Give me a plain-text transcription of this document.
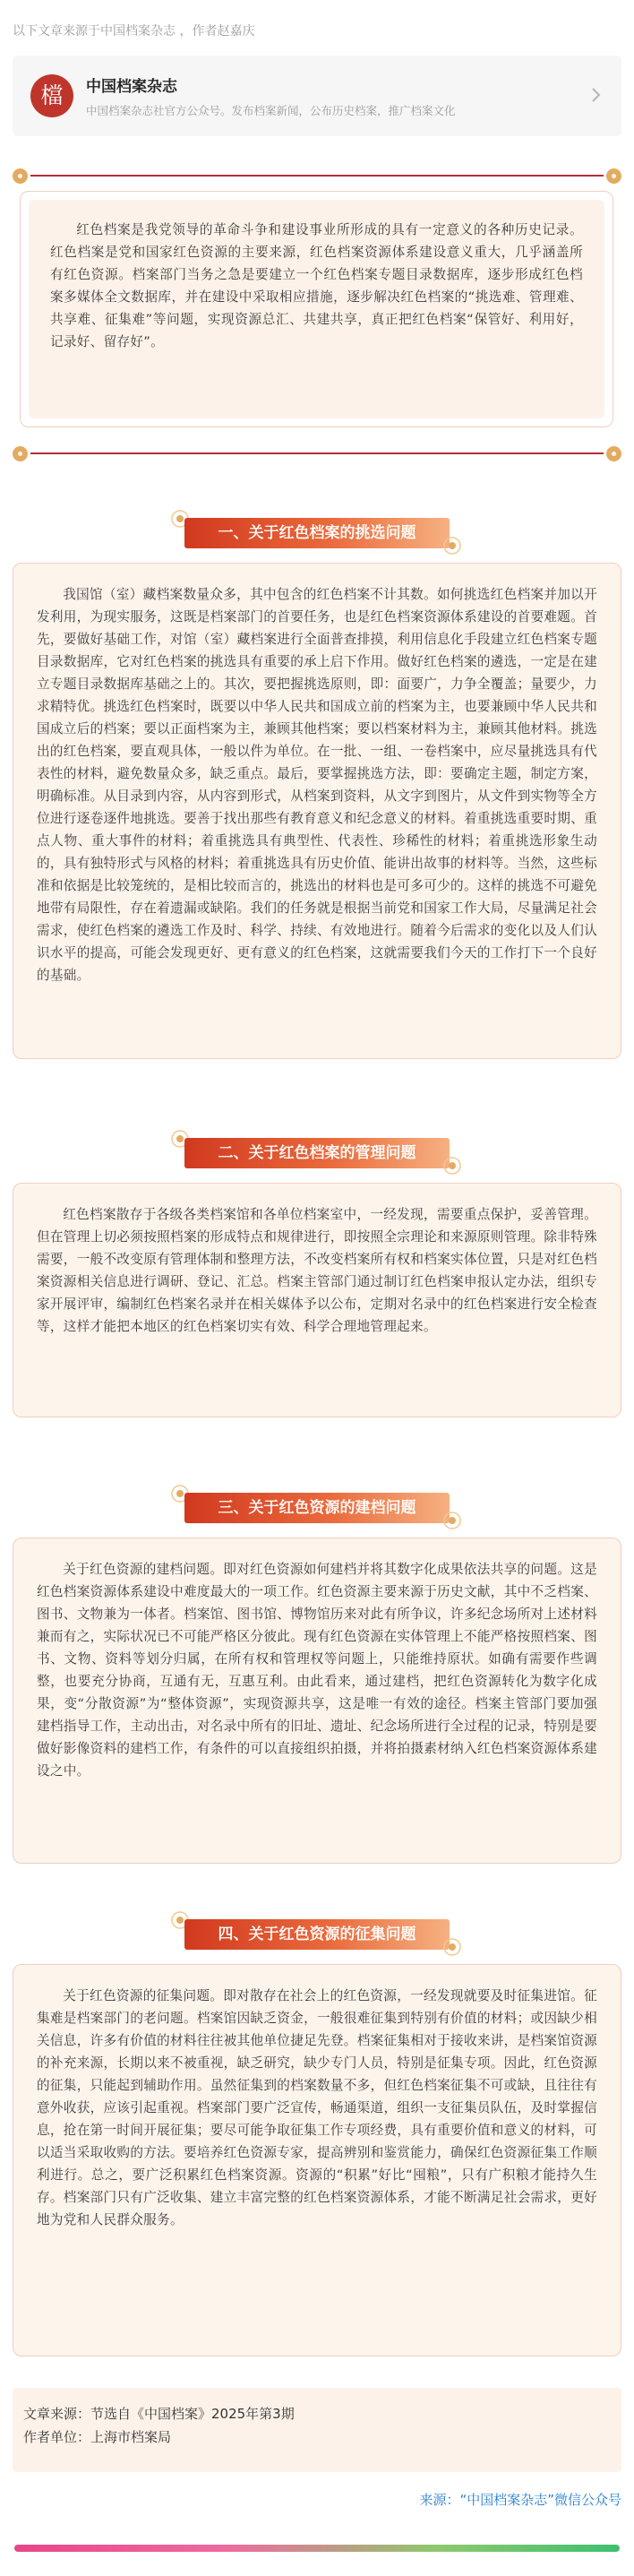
以下文章来源于中国档案杂志 ，作者赵嘉庆

檔	中国档案杂志

中国档案杂志社官方公众号。发布档案新闻，公布历史档案，推广档案文化

红色档案是我党领导的革命斗争和建设事业所形成的具有一定意义的各种历史记录。红色档案是党和国家红色资源的主要来源，红色档案资源体系建设意义重大，几乎涵盖所有红色资源。档案部门当务之急是要建立一个红色档案专题目录数据库，逐步形成红色档案多媒体全文数据库，并在建设中采取相应措施，逐步解决红色档案的“挑选难、管理难、共享难、征集难”等问题，实现资源总汇、共建共享，真正把红色档案“保管好、利用好，记录好、留存好”。

一、关于红色档案的挑选问题

我国馆（室）藏档案数量众多，其中包含的红色档案不计其数。如何挑选红色档案并加以开发利用，为现实服务，这既是档案部门的首要任务，也是红色档案资源体系建设的首要难题。首先，要做好基础工作，对馆（室）藏档案进行全面普查排摸，利用信息化手段建立红色档案专题目录数据库，它对红色档案的挑选具有重要的承上启下作用。做好红色档案的遴选，一定是在建立专题目录数据库基础之上的。其次，要把握挑选原则，即：面要广，力争全覆盖；量要少，力求精特优。挑选红色档案时，既要以中华人民共和国成立前的档案为主，也要兼顾中华人民共和国成立后的档案；要以正面档案为主，兼顾其他档案；要以档案材料为主，兼顾其他材料。挑选出的红色档案，要直观具体，一般以件为单位。在一批、一组、一卷档案中，应尽量挑选具有代表性的材料，避免数量众多，缺乏重点。最后，要掌握挑选方法，即：要确定主题，制定方案，明确标准。从目录到内容，从内容到形式，从档案到资料，从文字到图片，从文件到实物等全方位进行逐卷逐件地挑选。要善于找出那些有教育意义和纪念意义的材料。着重挑选重要时期、重点人物、重大事件的材料；着重挑选具有典型性、代表性、珍稀性的材料；着重挑选形象生动的，具有独特形式与风格的材料；着重挑选具有历史价值、能讲出故事的材料等。当然，这些标准和依据是比较笼统的，是相比较而言的，挑选出的材料也是可多可少的。这样的挑选不可避免地带有局限性，存在着遗漏或缺陷。我们的任务就是根据当前党和国家工作大局，尽量满足社会需求，使红色档案的遴选工作及时、科学、持续、有效地进行。随着今后需求的变化以及人们认识水平的提高，可能会发现更好、更有意义的红色档案，这就需要我们今天的工作打下一个良好的基础。

二、关于红色档案的管理问题

红色档案散存于各级各类档案馆和各单位档案室中，一经发现，需要重点保护，妥善管理。但在管理上切必须按照档案的形成特点和规律进行，即按照全宗理论和来源原则管理。除非特殊需要，一般不改变原有管理体制和整理方法，不改变档案所有权和档案实体位置，只是对红色档案资源相关信息进行调研、登记、汇总。档案主管部门通过制订红色档案申报认定办法，组织专家开展评审，编制红色档案名录并在相关媒体予以公布，定期对名录中的红色档案进行安全检查等，这样才能把本地区的红色档案切实有效、科学合理地管理起来。

三、关于红色资源的建档问题

关于红色资源的建档问题。即对红色资源如何建档并将其数字化成果依法共享的问题。这是红色档案资源体系建设中难度最大的一项工作。红色资源主要来源于历史文献，其中不乏档案、图书、文物兼为一体者。档案馆、图书馆、博物馆历来对此有所争议，许多纪念场所对上述材料兼而有之，实际状况已不可能严格区分彼此。现有红色资源在实体管理上不能严格按照档案、图书、文物、资料等划分归属，在所有权和管理权等问题上，只能维持原状。如确有需要作些调整，也要充分协商，互通有无，互惠互利。由此看来，通过建档，把红色资源转化为数字化成果，变“分散资源”为“整体资源”，实现资源共享，这是唯一有效的途径。档案主管部门要加强建档指导工作，主动出击，对名录中所有的旧址、遗址、纪念场所进行全过程的记录，特别是要做好影像资料的建档工作，有条件的可以直接组织拍摄，并将拍摄素材纳入红色档案资源体系建设之中。

四、关于红色资源的征集问题

关于红色资源的征集问题。即对散存在社会上的红色资源，一经发现就要及时征集进馆。征集难是档案部门的老问题。档案馆因缺乏资金，一般很难征集到特别有价值的材料；或因缺少相关信息，许多有价值的材料往往被其他单位捷足先登。档案征集相对于接收来讲，是档案馆资源的补充来源，长期以来不被重视，缺乏研究，缺少专门人员，特别是征集专项。因此，红色资源的征集，只能起到辅助作用。虽然征集到的档案数量不多，但红色档案征集不可或缺，且往往有意外收获，应该引起重视。档案部门要广泛宣传，畅通渠道，组织一支征集员队伍，及时掌握信息，抢在第一时间开展征集；要尽可能争取征集工作专项经费，具有重要价值和意义的材料，可以适当采取收购的方法。要培养红色资源专家，提高辨别和鉴赏能力，确保红色资源征集工作顺利进行。总之，要广泛积累红色档案资源。资源的“积累”好比“囤粮”，只有广积粮才能持久生存。档案部门只有广泛收集、建立丰富完整的红色档案资源体系，才能不断满足社会需求，更好地为党和人民群众服务。

文章来源：节选自《中国档案》2025年第3期

作者单位：上海市档案局

来源：“中国档案杂志”微信公众号
